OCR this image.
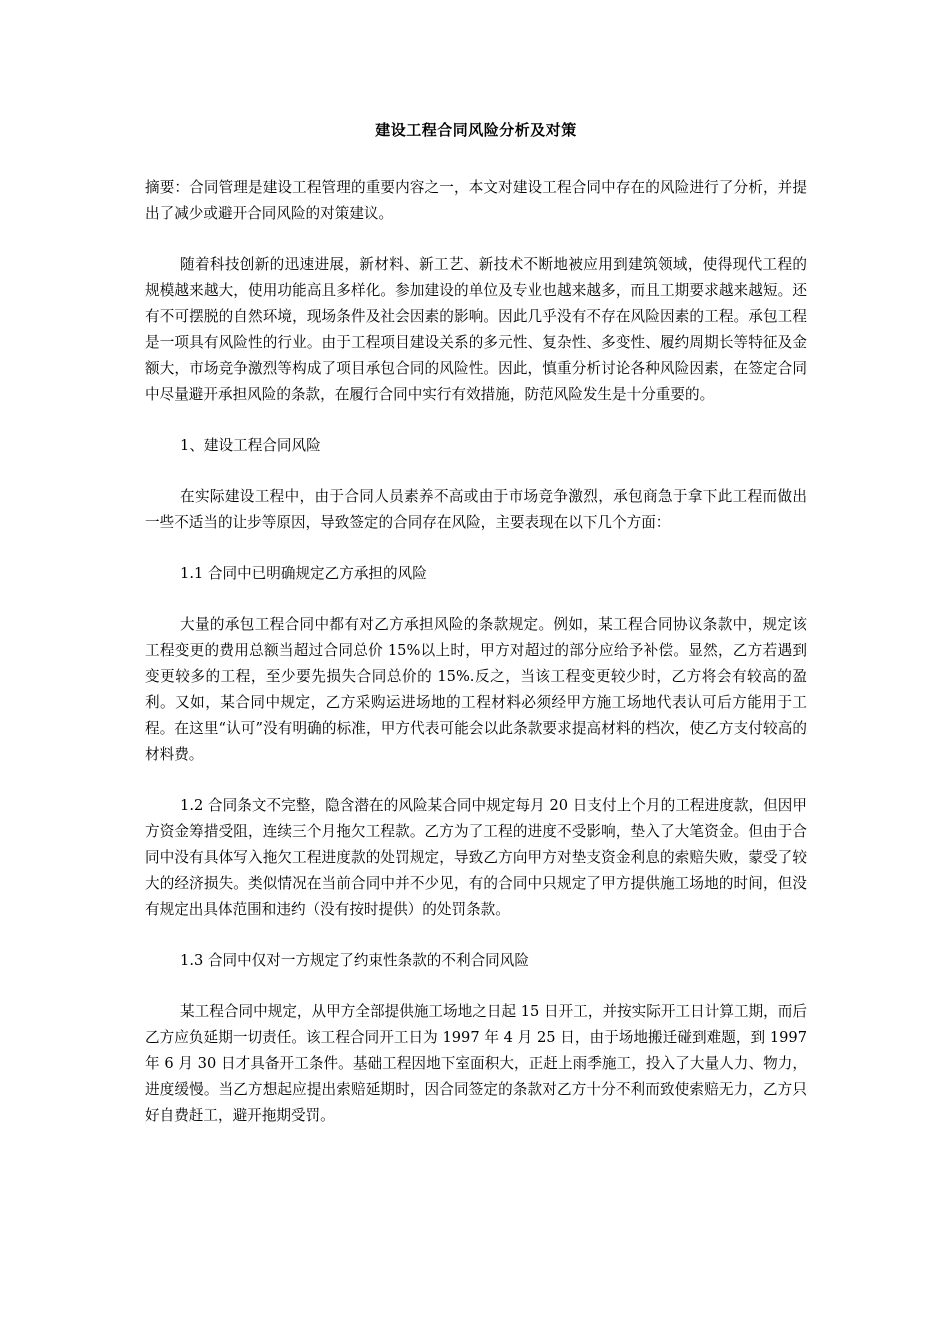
建设工程合同风险分析及对策

摘要：合同管理是建设工程管理的重要内容之一，本文对建设工程合同中存在的风险进行了分析，并提出了减少或避开合同风险的对策建议。

随着科技创新的迅速进展，新材料、新工艺、新技术不断地被应用到建筑领域，使得现代工程的规模越来越大，使用功能高且多样化。参加建设的单位及专业也越来越多，而且工期要求越来越短。还有不可摆脱的自然环境，现场条件及社会因素的影响。因此几乎没有不存在风险因素的工程。承包工程是一项具有风险性的行业。由于工程项目建设关系的多元性、复杂性、多变性、履约周期长等特征及金额大，市场竞争激烈等构成了项目承包合同的风险性。因此，慎重分析讨论各种风险因素，在签定合同中尽量避开承担风险的条款，在履行合同中实行有效措施，防范风险发生是十分重要的。

1、建设工程合同风险

在实际建设工程中，由于合同人员素养不高或由于市场竞争激烈，承包商急于拿下此工程而做出一些不适当的让步等原因，导致签定的合同存在风险，主要表现在以下几个方面：

1.1 合同中已明确规定乙方承担的风险

大量的承包工程合同中都有对乙方承担风险的条款规定。例如，某工程合同协议条款中，规定该工程变更的费用总额当超过合同总价 15%以上时，甲方对超过的部分应给予补偿。显然，乙方若遇到变更较多的工程，至少要先损失合同总价的 15%.反之，当该工程变更较少时，乙方将会有较高的盈利。又如，某合同中规定，乙方采购运进场地的工程材料必须经甲方施工场地代表认可后方能用于工程。在这里“认可”没有明确的标准，甲方代表可能会以此条款要求提高材料的档次，使乙方支付较高的材料费。

1.2 合同条文不完整，隐含潜在的风险某合同中规定每月 20 日支付上个月的工程进度款，但因甲方资金筹措受阻，连续三个月拖欠工程款。乙方为了工程的进度不受影响，垫入了大笔资金。但由于合同中没有具体写入拖欠工程进度款的处罚规定，导致乙方向甲方对垫支资金利息的索赔失败，蒙受了较大的经济损失。类似情况在当前合同中并不少见，有的合同中只规定了甲方提供施工场地的时间，但没有规定出具体范围和违约（没有按时提供）的处罚条款。

1.3 合同中仅对一方规定了约束性条款的不利合同风险

某工程合同中规定，从甲方全部提供施工场地之日起 15 日开工，并按实际开工日计算工期，而后乙方应负延期一切责任。该工程合同开工日为 1997 年 4 月 25 日，由于场地搬迁碰到难题，到 1997 年 6 月 30 日才具备开工条件。基础工程因地下室面积大，正赶上雨季施工，投入了大量人力、物力，进度缓慢。当乙方想起应提出索赔延期时，因合同签定的条款对乙方十分不利而致使索赔无力，乙方只好自费赶工，避开拖期受罚。
